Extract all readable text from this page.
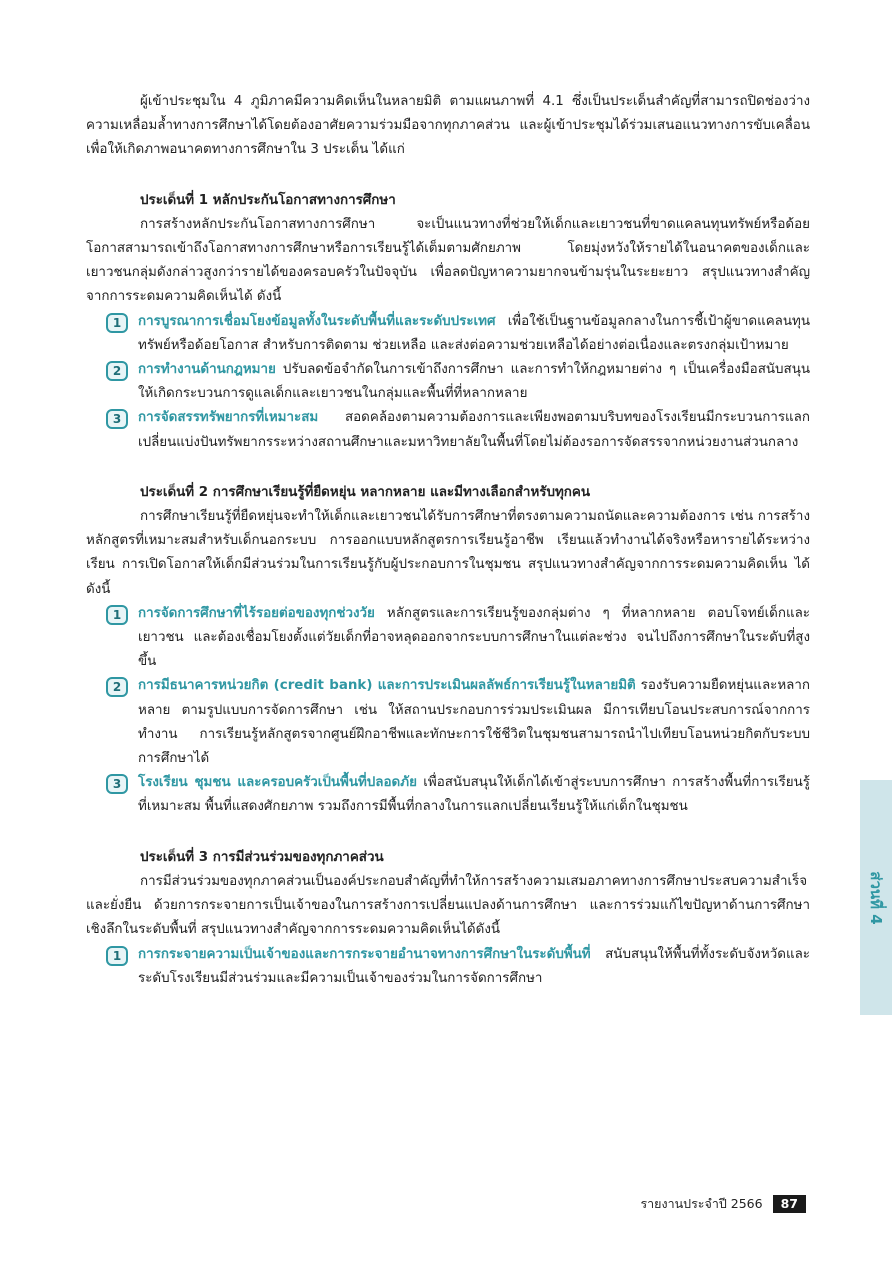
ผู้เข้าประชุมใน 4 ภูมิภาคมีความคิดเห็นในหลายมิติ ตามแผนภาพที่ 4.1 ซึ่งเป็นประเด็นสำคัญที่สามารถปิดช่องว่างความเหลื่อมล้ำทางการศึกษาได้โดยต้องอาศัยความร่วมมือจากทุกภาคส่วน และผู้เข้าประชุมได้ร่วมเสนอแนวทางการขับเคลื่อนเพื่อให้เกิดภาพอนาคตทางการศึกษาใน 3 ประเด็น ได้แก่

ประเด็นที่ 1 หลักประกันโอกาสทางการศึกษา

การสร้างหลักประกันโอกาสทางการศึกษา จะเป็นแนวทางที่ช่วยให้เด็กและเยาวชนที่ขาดแคลนทุนทรัพย์หรือด้อยโอกาสสามารถเข้าถึงโอกาสทางการศึกษาหรือการเรียนรู้ได้เต็มตามศักยภาพ โดยมุ่งหวังให้รายได้ในอนาคตของเด็กและเยาวชนกลุ่มดังกล่าวสูงกว่ารายได้ของครอบครัวในปัจจุบัน เพื่อลดปัญหาความยากจนข้ามรุ่นในระยะยาว สรุปแนวทางสำคัญจากการระดมความคิดเห็นได้ ดังนี้

1	การบูรณาการเชื่อมโยงข้อมูลทั้งในระดับพื้นที่และระดับประเทศ เพื่อใช้เป็นฐานข้อมูลกลางในการชี้เป้าผู้ขาดแคลนทุนทรัพย์หรือด้อยโอกาส สำหรับการติดตาม ช่วยเหลือ และส่งต่อความช่วยเหลือได้อย่างต่อเนื่องและตรงกลุ่มเป้าหมาย

2	การทำงานด้านกฎหมาย ปรับลดข้อจำกัดในการเข้าถึงการศึกษา และการทำให้กฎหมายต่าง ๆ เป็นเครื่องมือสนับสนุนให้เกิดกระบวนการดูแลเด็กและเยาวชนในกลุ่มและพื้นที่ที่หลากหลาย

3	การจัดสรรทรัพยากรที่เหมาะสม สอดคล้องตามความต้องการและเพียงพอตามบริบทของโรงเรียนมีกระบวนการแลกเปลี่ยนแบ่งปันทรัพยากรระหว่างสถานศึกษาและมหาวิทยาลัยในพื้นที่โดยไม่ต้องรอการจัดสรรจากหน่วยงานส่วนกลาง

ประเด็นที่ 2 การศึกษาเรียนรู้ที่ยืดหยุ่น หลากหลาย และมีทางเลือกสำหรับทุกคน

การศึกษาเรียนรู้ที่ยืดหยุ่นจะทำให้เด็กและเยาวชนได้รับการศึกษาที่ตรงตามความถนัดและความต้องการ เช่น การสร้างหลักสูตรที่เหมาะสมสำหรับเด็กนอกระบบ การออกแบบหลักสูตรการเรียนรู้อาชีพ เรียนแล้วทำงานได้จริงหรือหารายได้ระหว่างเรียน การเปิดโอกาสให้เด็กมีส่วนร่วมในการเรียนรู้กับผู้ประกอบการในชุมชน สรุปแนวทางสำคัญจากการระดมความคิดเห็น ได้ดังนี้

1	การจัดการศึกษาที่ไร้รอยต่อของทุกช่วงวัย หลักสูตรและการเรียนรู้ของกลุ่มต่าง ๆ ที่หลากหลาย ตอบโจทย์เด็กและเยาวชน และต้องเชื่อมโยงตั้งแต่วัยเด็กที่อาจหลุดออกจากระบบการศึกษาในแต่ละช่วง จนไปถึงการศึกษาในระดับที่สูงขึ้น

2	การมีธนาคารหน่วยกิต (credit bank) และการประเมินผลลัพธ์การเรียนรู้ในหลายมิติ รองรับความยืดหยุ่นและหลากหลาย ตามรูปแบบการจัดการศึกษา เช่น ให้สถานประกอบการร่วมประเมินผล มีการเทียบโอนประสบการณ์จากการทำงาน การเรียนรู้หลักสูตรจากศูนย์ฝึกอาชีพและทักษะการใช้ชีวิตในชุมชนสามารถนำไปเทียบโอนหน่วยกิตกับระบบการศึกษาได้

3	โรงเรียน ชุมชน และครอบครัวเป็นพื้นที่ปลอดภัย เพื่อสนับสนุนให้เด็กได้เข้าสู่ระบบการศึกษา การสร้างพื้นที่การเรียนรู้ที่เหมาะสม พื้นที่แสดงศักยภาพ รวมถึงการมีพื้นที่กลางในการแลกเปลี่ยนเรียนรู้ให้แก่เด็กในชุมชน

ประเด็นที่ 3 การมีส่วนร่วมของทุกภาคส่วน

การมีส่วนร่วมของทุกภาคส่วนเป็นองค์ประกอบสำคัญที่ทำให้การสร้างความเสมอภาคทางการศึกษาประสบความสำเร็จและยั่งยืน ด้วยการกระจายการเป็นเจ้าของในการสร้างการเปลี่ยนแปลงด้านการศึกษา และการร่วมแก้ไขปัญหาด้านการศึกษาเชิงลึกในระดับพื้นที่ สรุปแนวทางสำคัญจากการระดมความคิดเห็นได้ดังนี้

1	การกระจายความเป็นเจ้าของและการกระจายอำนาจทางการศึกษาในระดับพื้นที่ สนับสนุนให้พื้นที่ทั้งระดับจังหวัดและระดับโรงเรียนมีส่วนร่วมและมีความเป็นเจ้าของร่วมในการจัดการศึกษา

ส่วนที่ 4
รายงานประจำปี 2566	87
